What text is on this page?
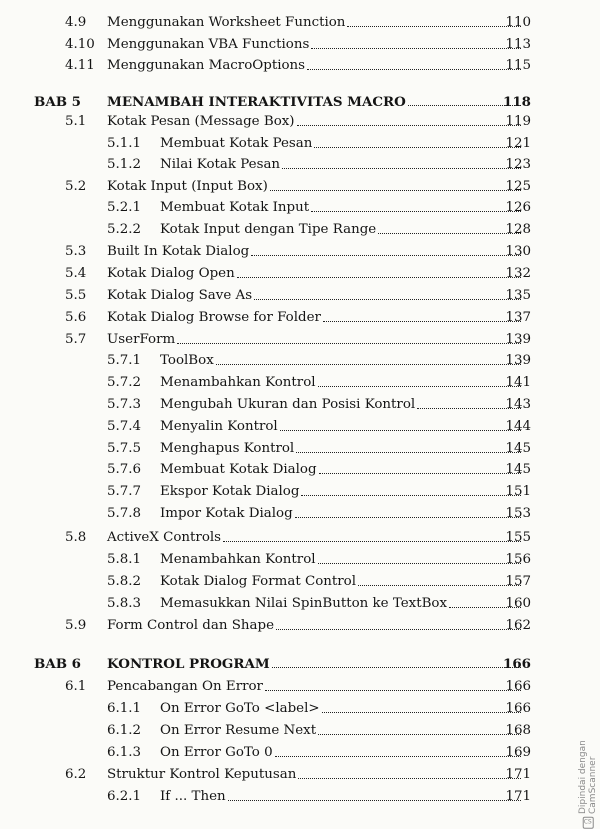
4.9 Menggunakan Worksheet Function	110
4.10 Menggunakan VBA Functions	113
4.11 Menggunakan MacroOptions	115
BAB 5 MENAMBAH INTERAKTIVITAS MACRO	118
5.1 Kotak Pesan (Message Box)	119
5.1.1 Membuat Kotak Pesan	121
5.1.2 Nilai Kotak Pesan	123
5.2 Kotak Input (Input Box)	125
5.2.1 Membuat Kotak Input	126
5.2.2 Kotak Input dengan Tipe Range	128
5.3 Built In Kotak Dialog	130
5.4 Kotak Dialog Open	132
5.5 Kotak Dialog Save As	135
5.6 Kotak Dialog Browse for Folder	137
5.7 UserForm	139
5.7.1 ToolBox	139
5.7.2 Menambahkan Kontrol	141
5.7.3 Mengubah Ukuran dan Posisi Kontrol	143
5.7.4 Menyalin Kontrol	144
5.7.5 Menghapus Kontrol	145
5.7.6 Membuat Kotak Dialog	145
5.7.7 Ekspor Kotak Dialog	151
5.7.8 Impor Kotak Dialog	153
5.8 ActiveX Controls	155
5.8.1 Menambahkan Kontrol	156
5.8.2 Kotak Dialog Format Control	157
5.8.3 Memasukkan Nilai SpinButton ke TextBox	160
5.9 Form Control dan Shape	162
BAB 6 KONTROL PROGRAM	166
6.1 Pencabangan On Error	166
6.1.1 On Error GoTo <label>	166
6.1.2 On Error Resume Next	168
6.1.3 On Error GoTo 0	169
6.2 Struktur Kontrol Keputusan	171
6.2.1 If ... Then	171
CS
Dipindai dengan CamScanner
